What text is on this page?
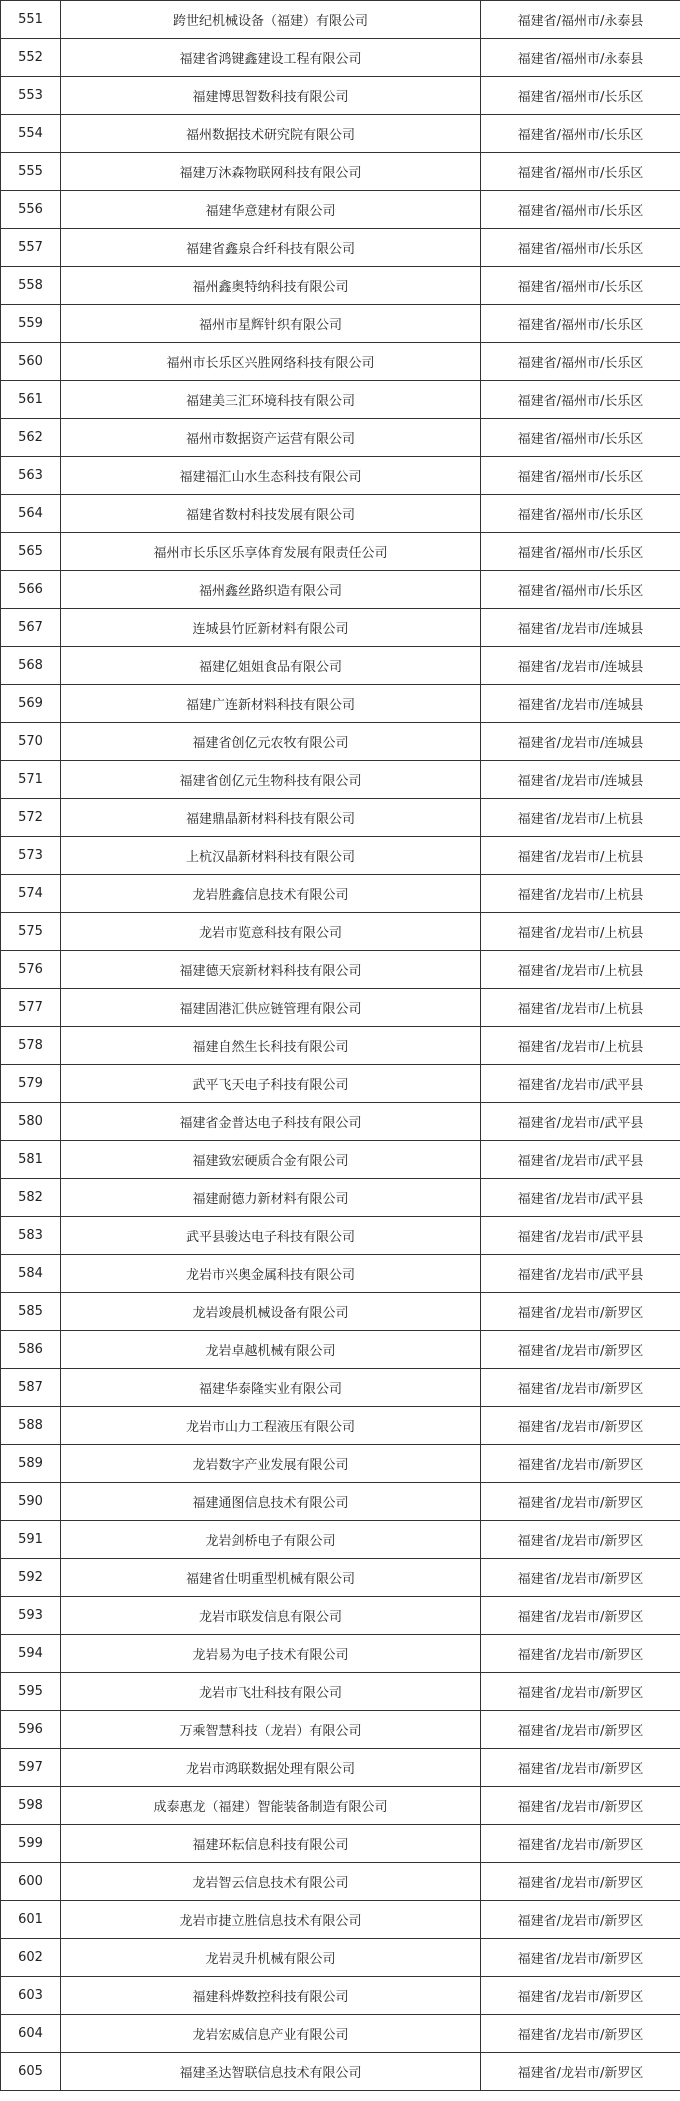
551	跨世纪机械设备（福建）有限公司	福建省/福州市/永泰县
552	福建省鸿键鑫建设工程有限公司	福建省/福州市/永泰县
553	福建博思智数科技有限公司	福建省/福州市/长乐区
554	福州数据技术研究院有限公司	福建省/福州市/长乐区
555	福建万沐森物联网科技有限公司	福建省/福州市/长乐区
556	福建华意建材有限公司	福建省/福州市/长乐区
557	福建省鑫泉合纤科技有限公司	福建省/福州市/长乐区
558	福州鑫奥特纳科技有限公司	福建省/福州市/长乐区
559	福州市星辉针织有限公司	福建省/福州市/长乐区
560	福州市长乐区兴胜网络科技有限公司	福建省/福州市/长乐区
561	福建美三汇环境科技有限公司	福建省/福州市/长乐区
562	福州市数据资产运营有限公司	福建省/福州市/长乐区
563	福建福汇山水生态科技有限公司	福建省/福州市/长乐区
564	福建省数村科技发展有限公司	福建省/福州市/长乐区
565	福州市长乐区乐享体育发展有限责任公司	福建省/福州市/长乐区
566	福州鑫丝路织造有限公司	福建省/福州市/长乐区
567	连城县竹匠新材料有限公司	福建省/龙岩市/连城县
568	福建亿姐姐食品有限公司	福建省/龙岩市/连城县
569	福建广连新材料科技有限公司	福建省/龙岩市/连城县
570	福建省创亿元农牧有限公司	福建省/龙岩市/连城县
571	福建省创亿元生物科技有限公司	福建省/龙岩市/连城县
572	福建鼎晶新材料科技有限公司	福建省/龙岩市/上杭县
573	上杭汉晶新材料科技有限公司	福建省/龙岩市/上杭县
574	龙岩胜鑫信息技术有限公司	福建省/龙岩市/上杭县
575	龙岩市览意科技有限公司	福建省/龙岩市/上杭县
576	福建德天宸新材料科技有限公司	福建省/龙岩市/上杭县
577	福建固港汇供应链管理有限公司	福建省/龙岩市/上杭县
578	福建自然生长科技有限公司	福建省/龙岩市/上杭县
579	武平飞天电子科技有限公司	福建省/龙岩市/武平县
580	福建省金普达电子科技有限公司	福建省/龙岩市/武平县
581	福建致宏硬质合金有限公司	福建省/龙岩市/武平县
582	福建耐德力新材料有限公司	福建省/龙岩市/武平县
583	武平县骏达电子科技有限公司	福建省/龙岩市/武平县
584	龙岩市兴奥金属科技有限公司	福建省/龙岩市/武平县
585	龙岩竣晨机械设备有限公司	福建省/龙岩市/新罗区
586	龙岩卓越机械有限公司	福建省/龙岩市/新罗区
587	福建华泰隆实业有限公司	福建省/龙岩市/新罗区
588	龙岩市山力工程液压有限公司	福建省/龙岩市/新罗区
589	龙岩数字产业发展有限公司	福建省/龙岩市/新罗区
590	福建通图信息技术有限公司	福建省/龙岩市/新罗区
591	龙岩剑桥电子有限公司	福建省/龙岩市/新罗区
592	福建省仕明重型机械有限公司	福建省/龙岩市/新罗区
593	龙岩市联发信息有限公司	福建省/龙岩市/新罗区
594	龙岩易为电子技术有限公司	福建省/龙岩市/新罗区
595	龙岩市飞壮科技有限公司	福建省/龙岩市/新罗区
596	万乘智慧科技（龙岩）有限公司	福建省/龙岩市/新罗区
597	龙岩市鸿联数据处理有限公司	福建省/龙岩市/新罗区
598	成泰惠龙（福建）智能装备制造有限公司	福建省/龙岩市/新罗区
599	福建环耘信息科技有限公司	福建省/龙岩市/新罗区
600	龙岩智云信息技术有限公司	福建省/龙岩市/新罗区
601	龙岩市捷立胜信息技术有限公司	福建省/龙岩市/新罗区
602	龙岩灵升机械有限公司	福建省/龙岩市/新罗区
603	福建科烨数控科技有限公司	福建省/龙岩市/新罗区
604	龙岩宏威信息产业有限公司	福建省/龙岩市/新罗区
605	福建圣达智联信息技术有限公司	福建省/龙岩市/新罗区
